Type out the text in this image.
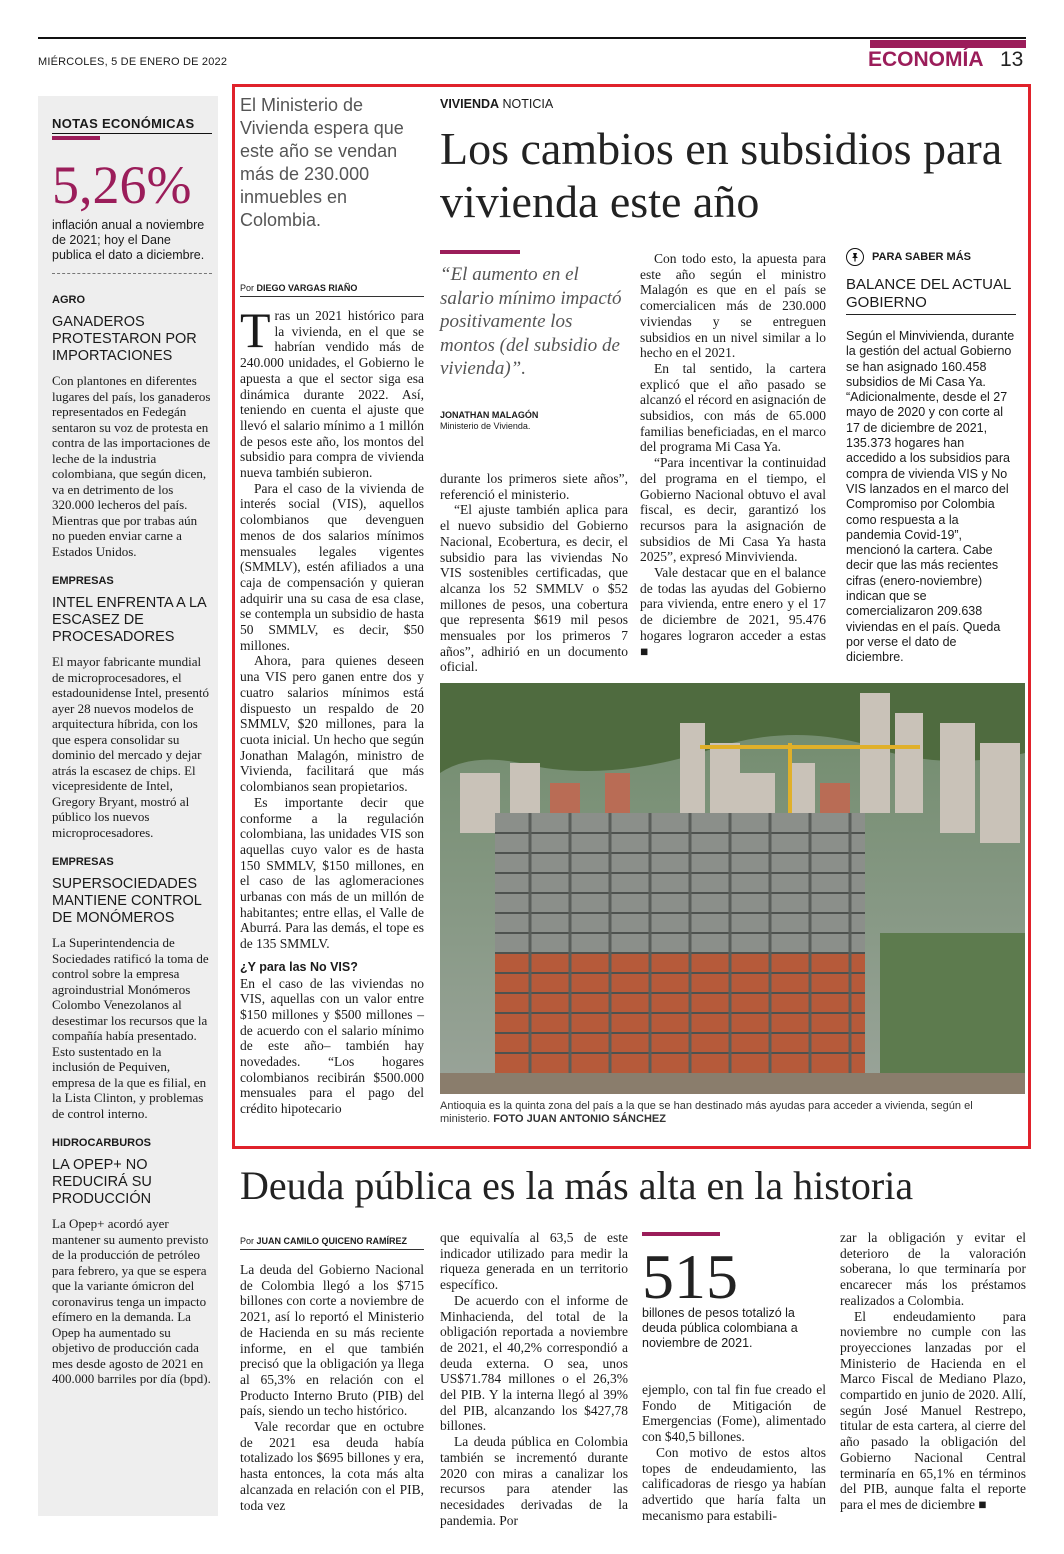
MIÉRCOLES, 5 DE ENERO DE 2022	ECONOMÍA 13
NOTAS ECONÓMICAS
5,26%
inflación anual a noviembre de 2021; hoy el Dane publica el dato a diciembre.
AGRO
GANADEROS PROTESTARON POR IMPORTACIONES
Con plantones en diferentes lugares del país, los ganaderos representados en Fedegán sentaron su voz de protesta en contra de las importaciones de leche de la industria colombiana, que según dicen, va en detrimento de los 320.000 lecheros del país. Mientras que por trabas aún no pueden enviar carne a Estados Unidos.
EMPRESAS
INTEL ENFRENTA A LA ESCASEZ DE PROCESADORES
El mayor fabricante mundial de microprocesadores, el estadounidense Intel, presentó ayer 28 nuevos modelos de arquitectura híbrida, con los que espera consolidar su dominio del mercado y dejar atrás la escasez de chips. El vicepresidente de Intel, Gregory Bryant, mostró al público los nuevos microprocesadores.
EMPRESAS
SUPERSOCIEDADES MANTIENE CONTROL DE MONÓMEROS
La Superintendencia de Sociedades ratificó la toma de control sobre la empresa agroindustrial Monómeros Colombo Venezolanos al desestimar los recursos que la compañía había presentado. Esto sustentado en la inclusión de Pequiven, empresa de la que es filial, en la Lista Clinton, y problemas de control interno.
HIDROCARBUROS
LA OPEP+ NO REDUCIRÁ SU PRODUCCIÓN
La Opep+ acordó ayer mantener su aumento previsto de la producción de petróleo para febrero, ya que se espera que la variante ómicron del coronavirus tenga un impacto efímero en la demanda. La Opep ha aumentado su objetivo de producción cada mes desde agosto de 2021 en 400.000 barriles por día (bpd).
El Ministerio de Vivienda espera que este año se vendan más de 230.000 inmuebles en Colombia.
Por DIEGO VARGAS RIAÑO
VIVIENDA NOTICIA
Los cambios en subsidios para vivienda este año

Tras un 2021 histórico para la vivienda, en el que se habrían vendido más de 240.000 unidades, el Gobierno le apuesta a que el sector siga esa dinámica durante 2022. Así, teniendo en cuenta el ajuste que llevó el salario mínimo a 1 millón de pesos este año, los montos del subsidio para compra de vivienda nueva también subieron.

Para el caso de la vivienda de interés social (VIS), aquellos colombianos que devenguen menos de dos salarios mínimos mensuales legales vigentes (SMMLV), estén afiliados a una caja de compensación y quieran adquirir una su casa de esa clase, se contempla un subsidio de hasta 50 SMMLV, es decir, $50 millones.

Ahora, para quienes deseen una VIS pero ganen entre dos y cuatro salarios mínimos está dispuesto un respaldo de 20 SMMLV, $20 millones, para la cuota inicial. Un hecho que según Jonathan Malagón, ministro de Vivienda, facilitará que más colombianos sean propietarios.

Es importante decir que conforme a la regulación colombiana, las unidades VIS son aquellas cuyo valor es de hasta 150 SMMLV, $150 millones, en el caso de las aglomeraciones urbanas con más de un millón de habitantes; entre ellas, el Valle de Aburrá. Para las demás, el tope es de 135 SMMLV.

¿Y para las No VIS?

En el caso de las viviendas no VIS, aquellas con un valor entre $150 millones y $500 millones –de acuerdo con el salario mínimo de este año– también hay novedades. “Los hogares colombianos recibirán $500.000 mensuales para el pago del crédito hipotecario

“El aumento en el salario mínimo impactó positivamente los montos (del subsidio de vivienda)”.
JONATHAN MALAGÓN
Ministerio de Vivienda.

durante los primeros siete años”, referenció el ministerio.

“El ajuste también aplica para el nuevo subsidio del Gobierno Nacional, Ecobertura, es decir, el subsidio para las viviendas No VIS sostenibles certificadas, que alcanza los 52 SMMLV o $52 millones de pesos, una cobertura que representa $619 mil pesos mensuales por los primeros 7 años”, adhirió en un documento oficial.

Con todo esto, la apuesta para este año según el ministro Malagón es que en el país se comercialicen más de 230.000 viviendas y se entreguen subsidios en un nivel similar a lo hecho en el 2021.

En tal sentido, la cartera explicó que el año pasado se alcanzó el récord en asignación de subsidios, con más de 65.000 familias beneficiadas, en el marco del programa Mi Casa Ya.

“Para incentivar la continuidad del programa en el tiempo, el Gobierno Nacional obtuvo el aval fiscal, es decir, garantizó los recursos para la asignación de subsidios de Mi Casa Ya hasta 2025”, expresó Minvivienda.

Vale destacar que en el balance de todas las ayudas del Gobierno para vivienda, entre enero y el 17 de diciembre de 2021, 95.476 hogares lograron acceder a estas ■

PARA SABER MÁS
BALANCE DEL ACTUAL GOBIERNO
Según el Minvivienda, durante la gestión del actual Gobierno se han asignado 160.458 subsidios de Mi Casa Ya. “Adicionalmente, desde el 27 mayo de 2020 y con corte al 17 de diciembre de 2021, 135.373 hogares han accedido a los subsidios para compra de vivienda VIS y No VIS lanzados en el marco del Compromiso por Colombia como respuesta a la pandemia Covid-19”, mencionó la cartera. Cabe decir que las más recientes cifras (enero-noviembre) indican que se comercializaron 209.638 viviendas en el país. Queda por verse el dato de diciembre.
Antioquia es la quinta zona del país a la que se han destinado más ayudas para acceder a vivienda, según el ministerio. FOTO JUAN ANTONIO SÁNCHEZ
Deuda pública es la más alta en la historia
Por JUAN CAMILO QUICENO RAMÍREZ

La deuda del Gobierno Nacional de Colombia llegó a los $715 billones con corte a noviembre de 2021, así lo reportó el Ministerio de Hacienda en su más reciente informe, en el que también precisó que la obligación ya llega al 65,3% en relación con el Producto Interno Bruto (PIB) del país, siendo un techo histórico.

Vale recordar que en octubre de 2021 esa deuda había totalizado los $695 billones y era, hasta entonces, la cota más alta alcanzada en relación con el PIB, toda vez

que equivalía al 63,5 de este indicador utilizado para medir la riqueza generada en un territorio específico.

De acuerdo con el informe de Minhacienda, del total de la obligación reportada a noviembre de 2021, el 40,2% correspondió a deuda externa. O sea, unos US$71.784 millones o el 26,3% del PIB. Y la interna llegó al 39% del PIB, alcanzando los $427,78 billones.

La deuda pública en Colombia también se incrementó durante 2020 con miras a canalizar los recursos para atender las necesidades derivadas de la pandemia. Por

515
billones de pesos totalizó la deuda pública colombiana a noviembre de 2021.

ejemplo, con tal fin fue creado el Fondo de Mitigación de Emergencias (Fome), alimentado con $40,5 billones.

Con motivo de estos altos topes de endeudamiento, las calificadoras de riesgo ya habían advertido que haría falta un mecanismo para estabili-

zar la obligación y evitar el deterioro de la valoración soberana, lo que terminaría por encarecer más los préstamos realizados a Colombia.

El endeudamiento para noviembre no cumple con las proyecciones lanzadas por el Ministerio de Hacienda en el Marco Fiscal de Mediano Plazo, compartido en junio de 2020. Allí, según José Manuel Restrepo, titular de esta cartera, al cierre del año pasado la obligación del Gobierno Nacional Central terminaría en 65,1% en términos del PIB, aunque falta el reporte para el mes de diciembre ■
